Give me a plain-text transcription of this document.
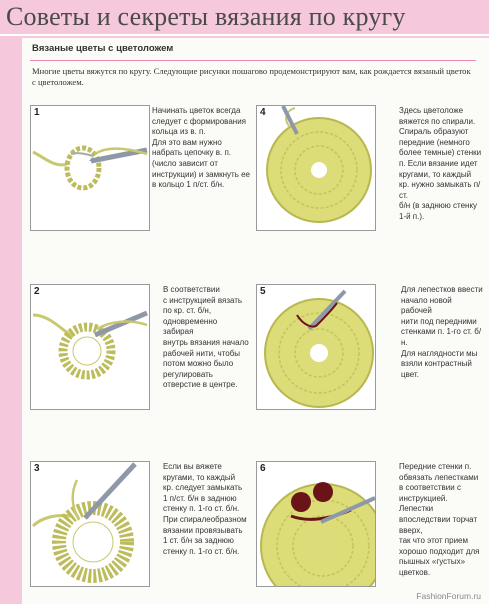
Советы и секреты вязания по кругу
Вязаные цветы с цветоложем
Многие цветы вяжутся по кругу. Следующие рисунки пошагово продемонстрируют вам, как рождается вязаный цветок с цветоложем.
1	Начинать цветок всегда следует с формирования кольца из в. п.
Для это вам нужно набрать цепочку в. п.
(число зависит от инструкции) и замкнуть ее в кольцо 1 п/ст. б/н.
4	Здесь цветоложе
вяжется по спирали.
Спираль образуют
передние (немного
более темные) стенки
п. Если вязание идет
кругами, то каждый
кр. нужно замыкать п/ст.
б/н (в заднюю стенку
1-й п.).
2	В соответствии
с инструкцией вязать
по кр. ст. б/н, одновременно забирая
внутрь вязания начало
рабочей нити, чтобы
потом можно было
регулировать отверстие в центре.
5	Для лепестков ввести
начало новой рабочей
нити под передними
стенками п. 1-го ст. б/н.
Для наглядности мы
взяли контрастный
цвет.
3	Если вы вяжете
кругами, то каждый
кр. следует замыкать
1 п/ст. б/н в заднюю
стенку п. 1-го ст. б/н.
При спиралеобразном
вязании провязывать
1 ст. б/н за заднюю
стенку п. 1-го ст. б/н.
6	Передние стенки п.
обвязать лепестками
в соответствии с инструкцией. Лепестки
впоследствии торчат вверх,
так что этот прием
хорошо подходит для
пышных «густых»
цветков.
FashionForum.ru
